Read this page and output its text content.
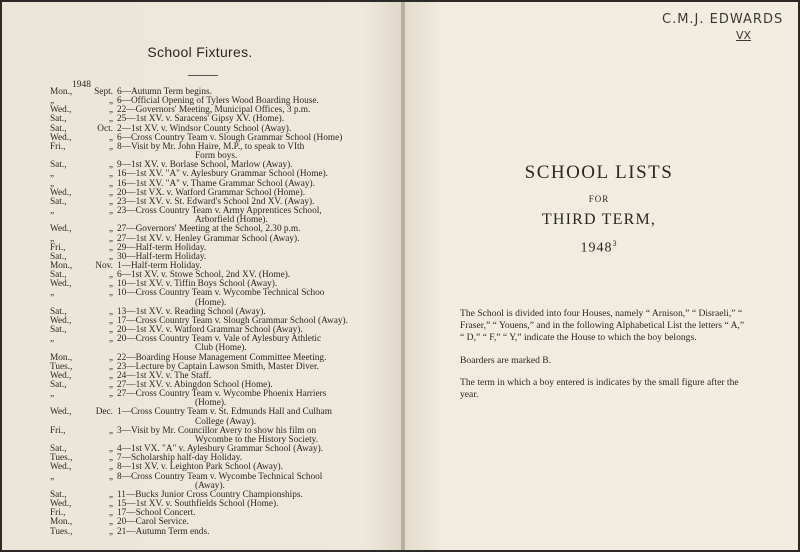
School Fixtures.
1948
Mon.,	Sept. 6—Autumn Term begins.
„	„ 6—Official Opening of Tylers Wood Boarding House.
Wed.,	„ 22—Governors' Meeting, Municipal Offices, 3 p.m.
Sat.,	„ 25—1st XV. v. Saracens' Gipsy XV. (Home).
Sat.,	Oct. 2—1st XV. v. Windsor County School (Away).
Wed.,	„ 6—Cross Country Team v. Slough Grammar School (Home)
Fri.,	„ 8—Visit by Mr. John Haire, M.P., to speak to VIth
Form boys.
Sat.,	„ 9—1st XV. v. Borlase School, Marlow (Away).
„	„ 16—1st XV. "A" v. Aylesbury Grammar School (Home).
„	„ 16—1st XV. "A" v. Thame Grammar School (Away).
Wed.,	„ 20—1st VX. v. Watford Grammar School (Home).
Sat.,	„ 23—1st XV. v. St. Edward's School 2nd XV. (Away).
„	„ 23—Cross Country Team v. Army Apprentices School,
Arborfield (Home).
Wed.,	„ 27—Governors' Meeting at the School, 2.30 p.m.
„	„ 27—1st XV. v. Henley Grammar School (Away).
Fri.,	„ 29—Half-term Holiday.
Sat.,	„ 30—Half-term Holiday.
Mon.,	Nov. 1—Half-term Holiday.
Sat.,	„ 6—1st XV. v. Stowe School, 2nd XV. (Home).
Wed.,	„ 10—1st XV. v. Tiffin Boys School (Away).
„	„ 10—Cross Country Team v. Wycombe Technical Schoo
(Home).
Sat.,	„ 13—1st XV. v. Reading School (Away).
Wed.,	„ 17—Cross Country Team v. Slough Grammar School (Away).
Sat.,	„ 20—1st XV. v. Watford Grammar School (Away).
„	„ 20—Cross Country Team v. Vale of Aylesbury Athletic
Club (Home).
Mon.,	„ 22—Boarding House Management Committee Meeting.
Tues.,	„ 23—Lecture by Captain Lawson Smith, Master Diver.
Wed.,	„ 24—1st XV. v. The Staff.
Sat.,	„ 27—1st XV. v. Abingdon School (Home).
„	„ 27—Cross Country Team v. Wycombe Phoenix Harriers
(Home).
Wed.,	Dec. 1—Cross Country Team v. St. Edmunds Hall and Culham
College (Away).
Fri.,	„ 3—Visit by Mr. Councillor Avery to show his film on
Wycombe to the History Society.
Sat.,	„ 4—1st VX. "A" v. Aylesbury Grammar School (Away).
Tues.,	„ 7—Scholarship half-day Holiday.
Wed.,	„ 8—1st XV. v. Leighton Park School (Away).
„	„ 8—Cross Country Team v. Wycombe Technical School
(Away).
Sat.,	„ 11—Bucks Junior Cross Country Championships.
Wed.,	„ 15—1st XV. v. Southfields School (Home).
Fri.,	„ 17—School Concert.
Mon.,	„ 20—Carol Service.
Tues.,	„ 21—Autumn Term ends.
C.M.J. EDWARDS
VX
SCHOOL LISTS
FOR
THIRD TERM,
1948$^3$

The School is divided into four Houses, namely “ Arnison,” “ Disraeli,” “ Fraser,” “ Youens,” and in the following Alphabetical List the letters “ A,” “ D,” “ F,” “ Y,” indicate the House to which the boy belongs.

Boarders are marked B.

The term in which a boy entered is indicates by the small figure after the year.
